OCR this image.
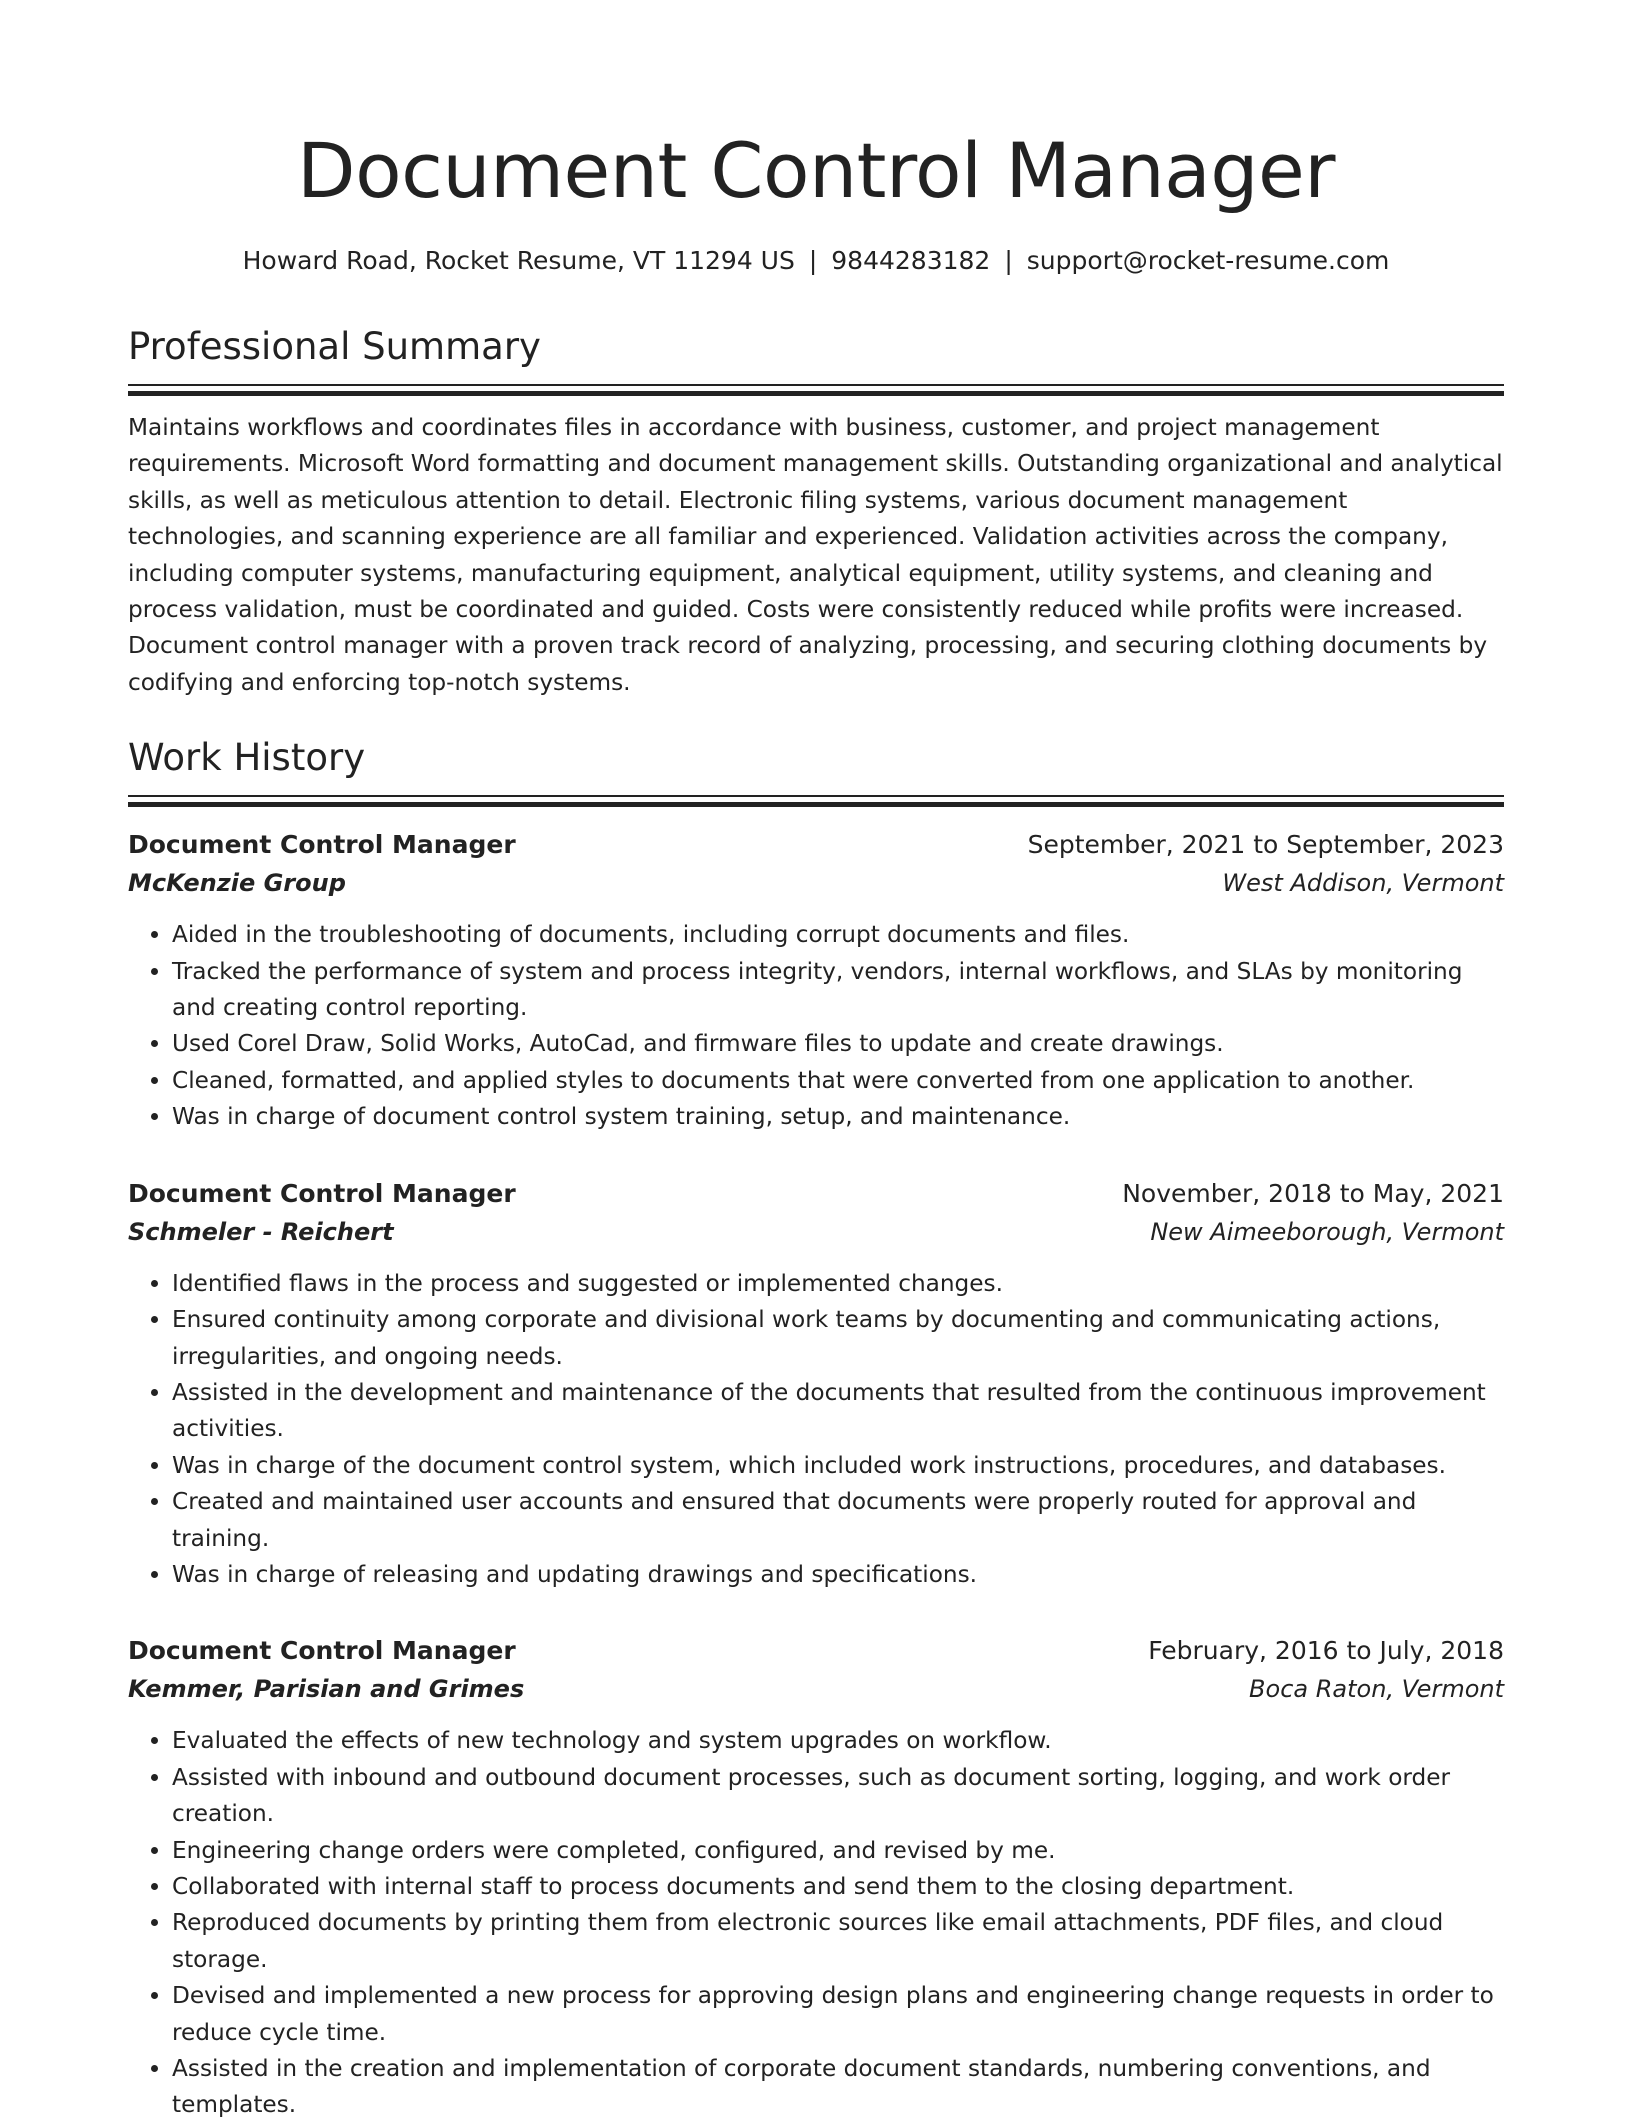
Document Control Manager
Howard Road, Rocket Resume, VT 11294 US | 9844283182 | support@rocket-resume.com
Professional Summary

Maintains workflows and coordinates files in accordance with business, customer, and project management requirements. Microsoft Word formatting and document management skills. Outstanding organizational and analytical skills, as well as meticulous attention to detail. Electronic filing systems, various document management technologies, and scanning experience are all familiar and experienced. Validation activities across the company, including computer systems, manufacturing equipment, analytical equipment, utility systems, and cleaning and process validation, must be coordinated and guided. Costs were consistently reduced while profits were increased. Document control manager with a proven track record of analyzing, processing, and securing clothing documents by codifying and enforcing top-notch systems.

Work History
Document Control Manager	September, 2021 to September, 2023
McKenzie Group	West Addison, Vermont
• Aided in the troubleshooting of documents, including corrupt documents and files.
• Tracked the performance of system and process integrity, vendors, internal workflows, and SLAs by monitoring and creating control reporting.
• Used Corel Draw, Solid Works, AutoCad, and firmware files to update and create drawings.
• Cleaned, formatted, and applied styles to documents that were converted from one application to another.
• Was in charge of document control system training, setup, and maintenance.
Document Control Manager	November, 2018 to May, 2021
Schmeler - Reichert	New Aimeeborough, Vermont
• Identified flaws in the process and suggested or implemented changes.
• Ensured continuity among corporate and divisional work teams by documenting and communicating actions, irregularities, and ongoing needs.
• Assisted in the development and maintenance of the documents that resulted from the continuous improvement activities.
• Was in charge of the document control system, which included work instructions, procedures, and databases.
• Created and maintained user accounts and ensured that documents were properly routed for approval and training.
• Was in charge of releasing and updating drawings and specifications.
Document Control Manager	February, 2016 to July, 2018
Kemmer, Parisian and Grimes	Boca Raton, Vermont
• Evaluated the effects of new technology and system upgrades on workflow.
• Assisted with inbound and outbound document processes, such as document sorting, logging, and work order creation.
• Engineering change orders were completed, configured, and revised by me.
• Collaborated with internal staff to process documents and send them to the closing department.
• Reproduced documents by printing them from electronic sources like email attachments, PDF files, and cloud storage.
• Devised and implemented a new process for approving design plans and engineering change requests in order to reduce cycle time.
• Assisted in the creation and implementation of corporate document standards, numbering conventions, and templates.
